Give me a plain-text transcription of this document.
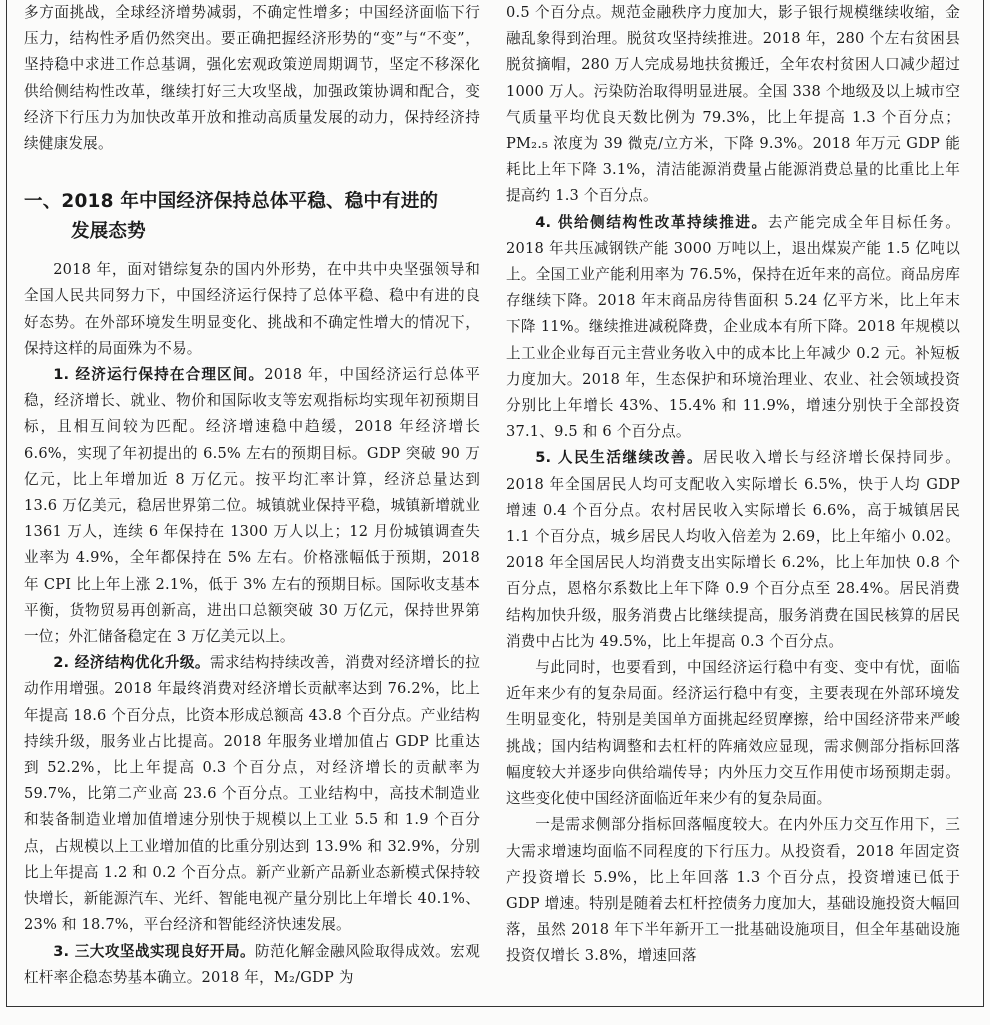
多方面挑战，全球经济增势减弱，不确定性增多；中国经济面临下行压力，结构性矛盾仍然突出。要正确把握经济形势的“变”与“不变”，坚持稳中求进工作总基调，强化宏观政策逆周期调节，坚定不移深化供给侧结构性改革，继续打好三大攻坚战，加强政策协调和配合，变经济下行压力为加快改革开放和推动高质量发展的动力，保持经济持续健康发展。

一、2018 年中国经济保持总体平稳、稳中有进的
发展态势

2018 年，面对错综复杂的国内外形势，在中共中央坚强领导和全国人民共同努力下，中国经济运行保持了总体平稳、稳中有进的良好态势。在外部环境发生明显变化、挑战和不确定性增大的情况下，保持这样的局面殊为不易。

1. 经济运行保持在合理区间。2018 年，中国经济运行总体平稳，经济增长、就业、物价和国际收支等宏观指标均实现年初预期目标，且相互间较为匹配。经济增速稳中趋缓，2018 年经济增长 6.6%，实现了年初提出的 6.5% 左右的预期目标。GDP 突破 90 万亿元，比上年增加近 8 万亿元。按平均汇率计算，经济总量达到 13.6 万亿美元，稳居世界第二位。城镇就业保持平稳，城镇新增就业 1361 万人，连续 6 年保持在 1300 万人以上；12 月份城镇调查失业率为 4.9%，全年都保持在 5% 左右。价格涨幅低于预期，2018 年 CPI 比上年上涨 2.1%，低于 3% 左右的预期目标。国际收支基本平衡，货物贸易再创新高，进出口总额突破 30 万亿元，保持世界第一位；外汇储备稳定在 3 万亿美元以上。

2. 经济结构优化升级。需求结构持续改善，消费对经济增长的拉动作用增强。2018 年最终消费对经济增长贡献率达到 76.2%，比上年提高 18.6 个百分点，比资本形成总额高 43.8 个百分点。产业结构持续升级，服务业占比提高。2018 年服务业增加值占 GDP 比重达到 52.2%，比上年提高 0.3 个百分点，对经济增长的贡献率为 59.7%，比第二产业高 23.6 个百分点。工业结构中，高技术制造业和装备制造业增加值增速分别快于规模以上工业 5.5 和 1.9 个百分点，占规模以上工业增加值的比重分别达到 13.9% 和 32.9%，分别比上年提高 1.2 和 0.2 个百分点。新产业新产品新业态新模式保持较快增长，新能源汽车、光纤、智能电视产量分别比上年增长 40.1%、23% 和 18.7%，平台经济和智能经济快速发展。

3. 三大攻坚战实现良好开局。防范化解金融风险取得成效。宏观杠杆率企稳态势基本确立。2018 年，M₂/GDP 为

0.5 个百分点。规范金融秩序力度加大，影子银行规模继续收缩，金融乱象得到治理。脱贫攻坚持续推进。2018 年，280 个左右贫困县脱贫摘帽，280 万人完成易地扶贫搬迁，全年农村贫困人口减少超过 1000 万人。污染防治取得明显进展。全国 338 个地级及以上城市空气质量平均优良天数比例为 79.3%，比上年提高 1.3 个百分点；PM₂.₅ 浓度为 39 微克/立方米，下降 9.3%。2018 年万元 GDP 能耗比上年下降 3.1%，清洁能源消费量占能源消费总量的比重比上年提高约 1.3 个百分点。

4. 供给侧结构性改革持续推进。去产能完成全年目标任务。2018 年共压减钢铁产能 3000 万吨以上，退出煤炭产能 1.5 亿吨以上。全国工业产能利用率为 76.5%，保持在近年来的高位。商品房库存继续下降。2018 年末商品房待售面积 5.24 亿平方米，比上年末下降 11%。继续推进减税降费，企业成本有所下降。2018 年规模以上工业企业每百元主营业务收入中的成本比上年减少 0.2 元。补短板力度加大。2018 年，生态保护和环境治理业、农业、社会领域投资分别比上年增长 43%、15.4% 和 11.9%，增速分别快于全部投资 37.1、9.5 和 6 个百分点。

5. 人民生活继续改善。居民收入增长与经济增长保持同步。2018 年全国居民人均可支配收入实际增长 6.5%，快于人均 GDP 增速 0.4 个百分点。农村居民收入实际增长 6.6%，高于城镇居民 1.1 个百分点，城乡居民人均收入倍差为 2.69，比上年缩小 0.02。2018 年全国居民人均消费支出实际增长 6.2%，比上年加快 0.8 个百分点，恩格尔系数比上年下降 0.9 个百分点至 28.4%。居民消费结构加快升级，服务消费占比继续提高，服务消费在国民核算的居民消费中占比为 49.5%，比上年提高 0.3 个百分点。

与此同时，也要看到，中国经济运行稳中有变、变中有忧，面临近年来少有的复杂局面。经济运行稳中有变，主要表现在外部环境发生明显变化，特别是美国单方面挑起经贸摩擦，给中国经济带来严峻挑战；国内结构调整和去杠杆的阵痛效应显现，需求侧部分指标回落幅度较大并逐步向供给端传导；内外压力交互作用使市场预期走弱。这些变化使中国经济面临近年来少有的复杂局面。

一是需求侧部分指标回落幅度较大。在内外压力交互作用下，三大需求增速均面临不同程度的下行压力。从投资看，2018 年固定资产投资增长 5.9%，比上年回落 1.3 个百分点，投资增速已低于 GDP 增速。特别是随着去杠杆控债务力度加大，基础设施投资大幅回落，虽然 2018 年下半年新开工一批基础设施项目，但全年基础设施投资仅增长 3.8%，增速回落
